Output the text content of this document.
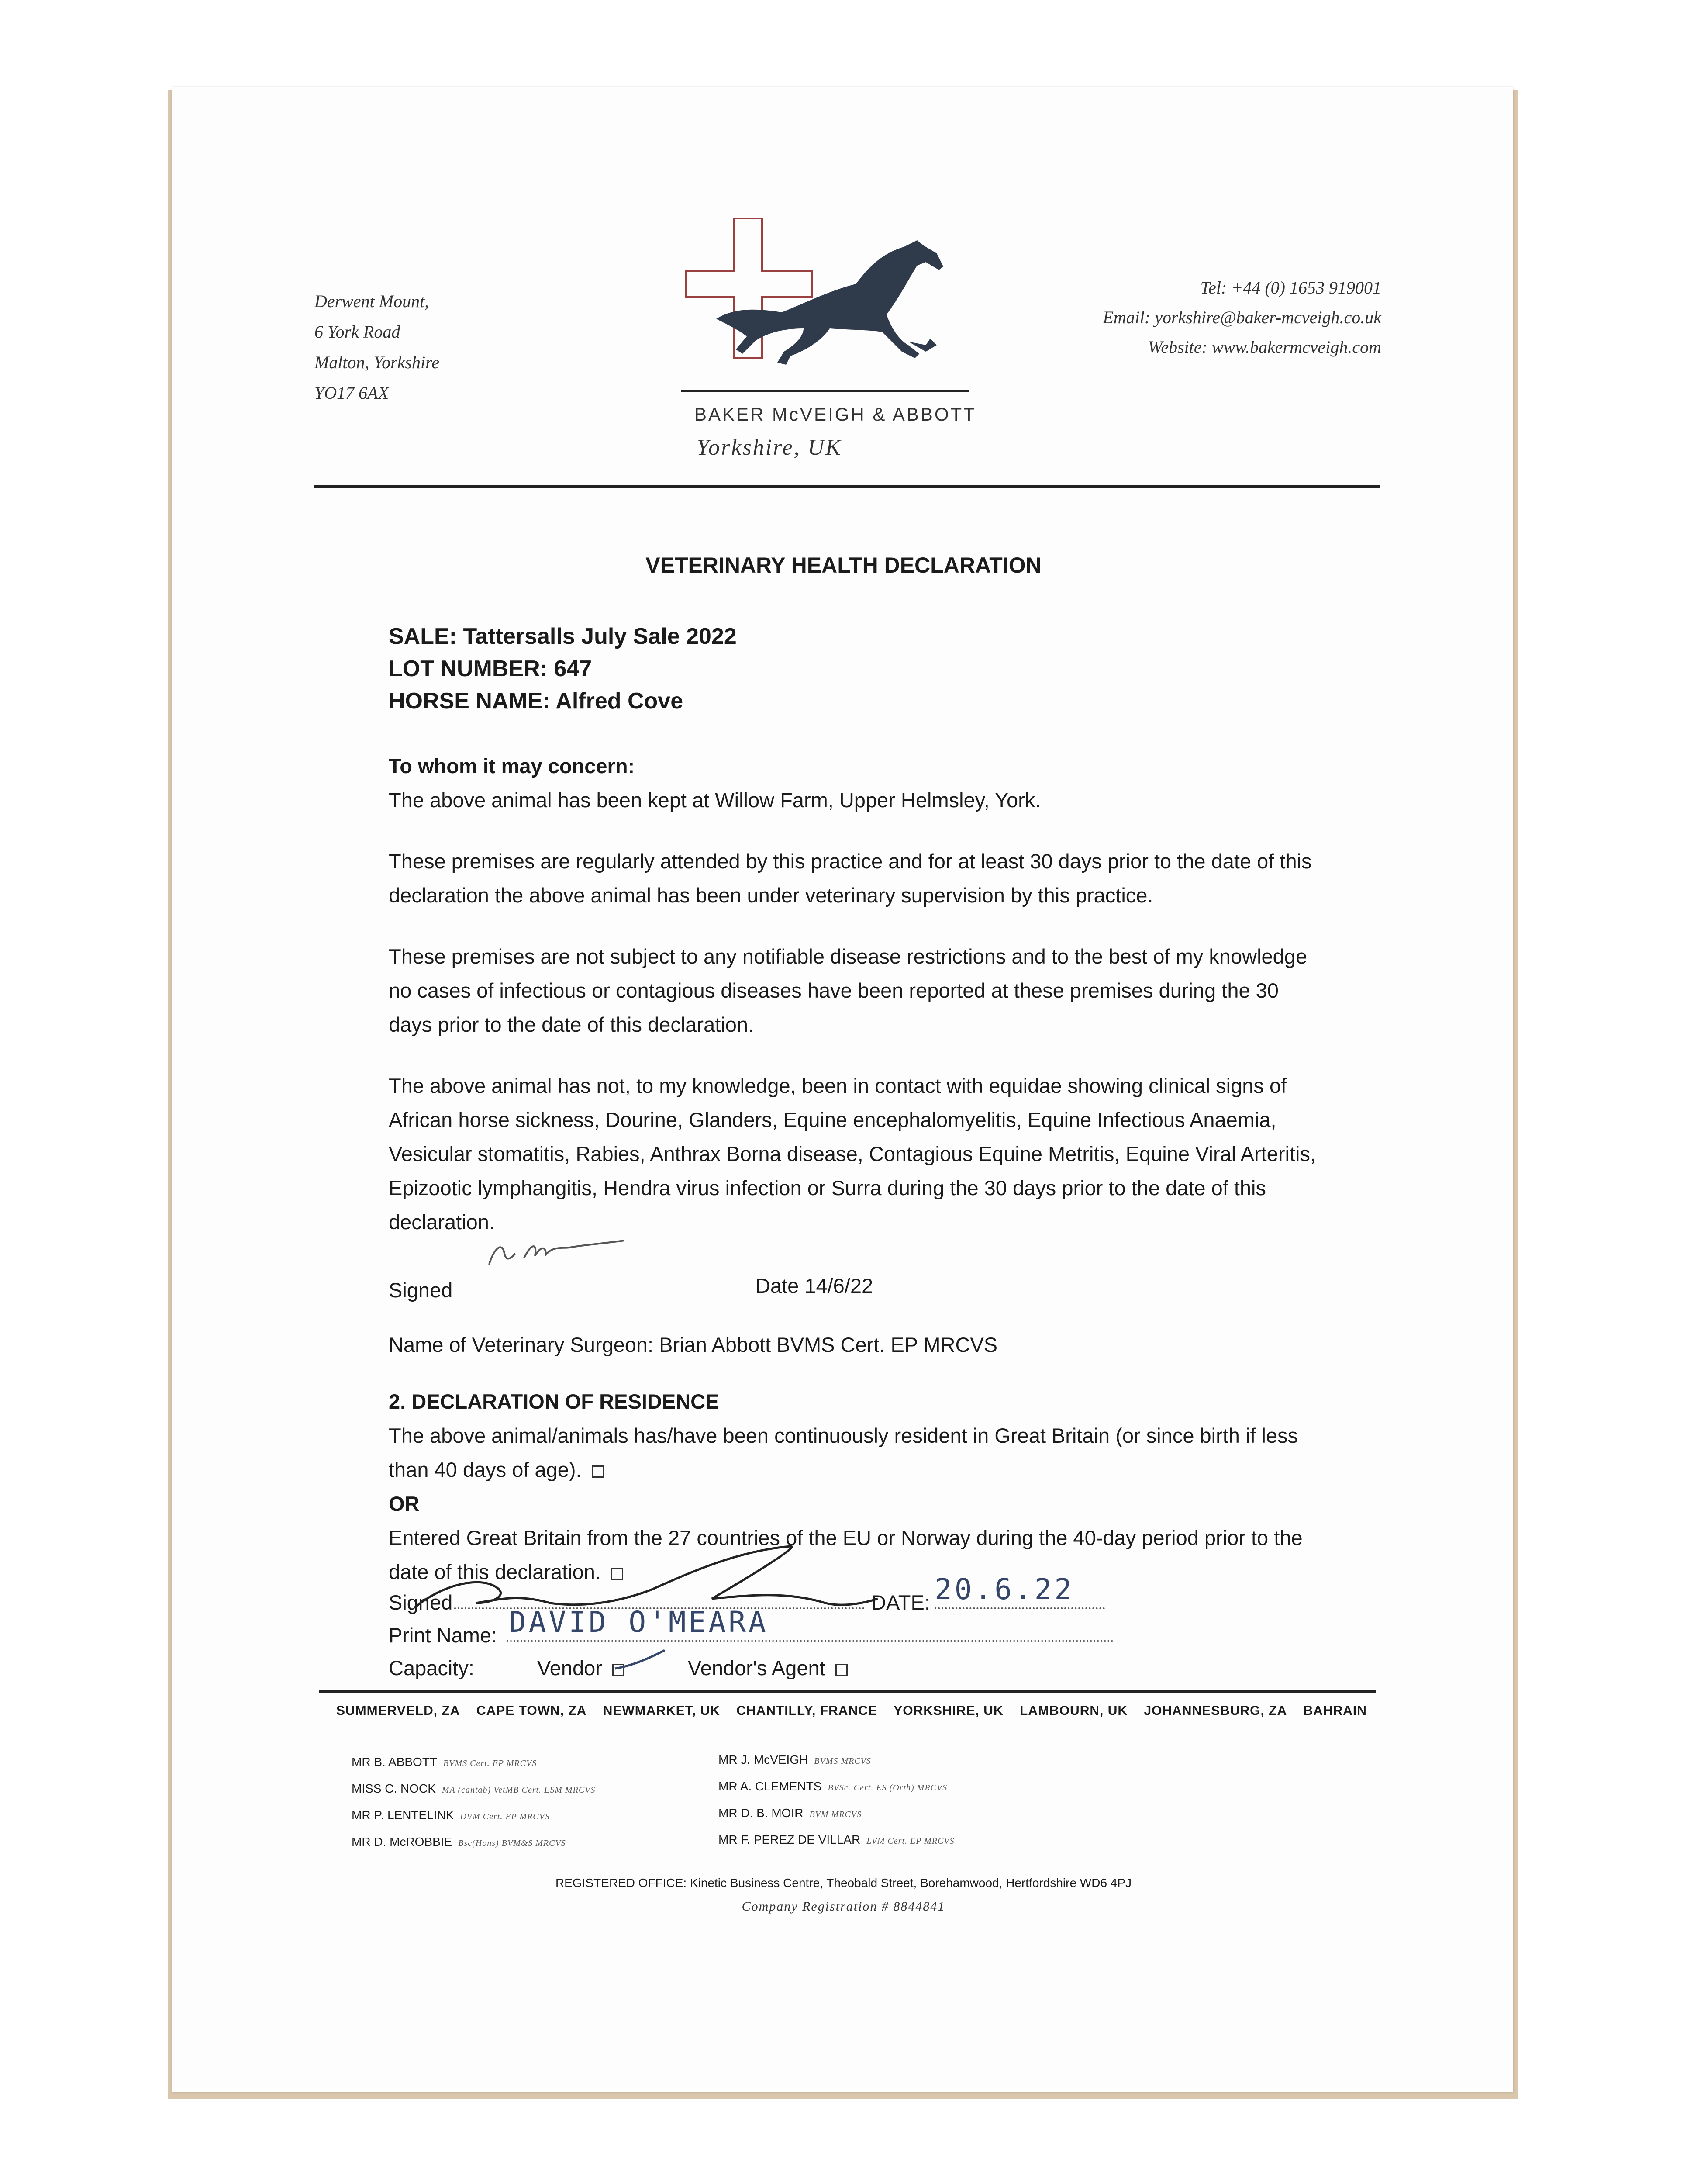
Derwent Mount,
6 York Road
Malton, Yorkshire
YO17 6AX
BAKER McVEIGH & ABBOTT
Yorkshire, UK
Tel: +44 (0) 1653 919001
Email: yorkshire@baker-mcveigh.co.uk
Website: www.bakermcveigh.com
VETERINARY HEALTH DECLARATION
SALE: Tattersalls July Sale 2022
LOT NUMBER: 647
HORSE NAME: Alfred Cove
To whom it may concern:
The above animal has been kept at Willow Farm, Upper Helmsley, York.
These premises are regularly attended by this practice and for at least 30 days prior to the date of this declaration the above animal has been under veterinary supervision by this practice.
These premises are not subject to any notifiable disease restrictions and to the best of my knowledge no cases of infectious or contagious diseases have been reported at these premises during the 30 days prior to the date of this declaration.
The above animal has not, to my knowledge, been in contact with equidae showing clinical signs of African horse sickness, Dourine, Glanders, Equine encephalomyelitis, Equine Infectious Anaemia, Vesicular stomatitis, Rabies, Anthrax Borna disease, Contagious Equine Metritis, Equine Viral Arteritis, Epizootic lymphangitis, Hendra virus infection or Surra during the 30 days prior to the date of this declaration.
Signed	Date 14/6/22
Name of Veterinary Surgeon: Brian Abbott BVMS Cert. EP MRCVS
2. DECLARATION OF RESIDENCE
The above animal/animals has/have been continuously resident in Great Britain (or since birth if less than 40 days of age).
OR
Entered Great Britain from the 27 countries of the EU or Norway during the 40-day period prior to the date of this declaration.
Signed	DATE: 20.6.22
Print Name: DAVID O'MEARA
Capacity:	Vendor	Vendor's Agent
SUMMERVELD, ZA CAPE TOWN, ZA NEWMARKET, UK CHANTILLY, FRANCE YORKSHIRE, UK LAMBOURN, UK JOHANNESBURG, ZA BAHRAIN
MR B. ABBOTT BVMS Cert. EP MRCVS
MISS C. NOCK MA (cantab) VetMB Cert. ESM MRCVS
MR P. LENTELINK DVM Cert. EP MRCVS
MR D. McROBBIE Bsc(Hons) BVM&S MRCVS
MR J. McVEIGH BVMS MRCVS
MR A. CLEMENTS BVSc. Cert. ES (Orth) MRCVS
MR D. B. MOIR BVM MRCVS
MR F. PEREZ DE VILLAR LVM Cert. EP MRCVS
REGISTERED OFFICE: Kinetic Business Centre, Theobald Street, Borehamwood, Hertfordshire WD6 4PJ
Company Registration # 8844841
